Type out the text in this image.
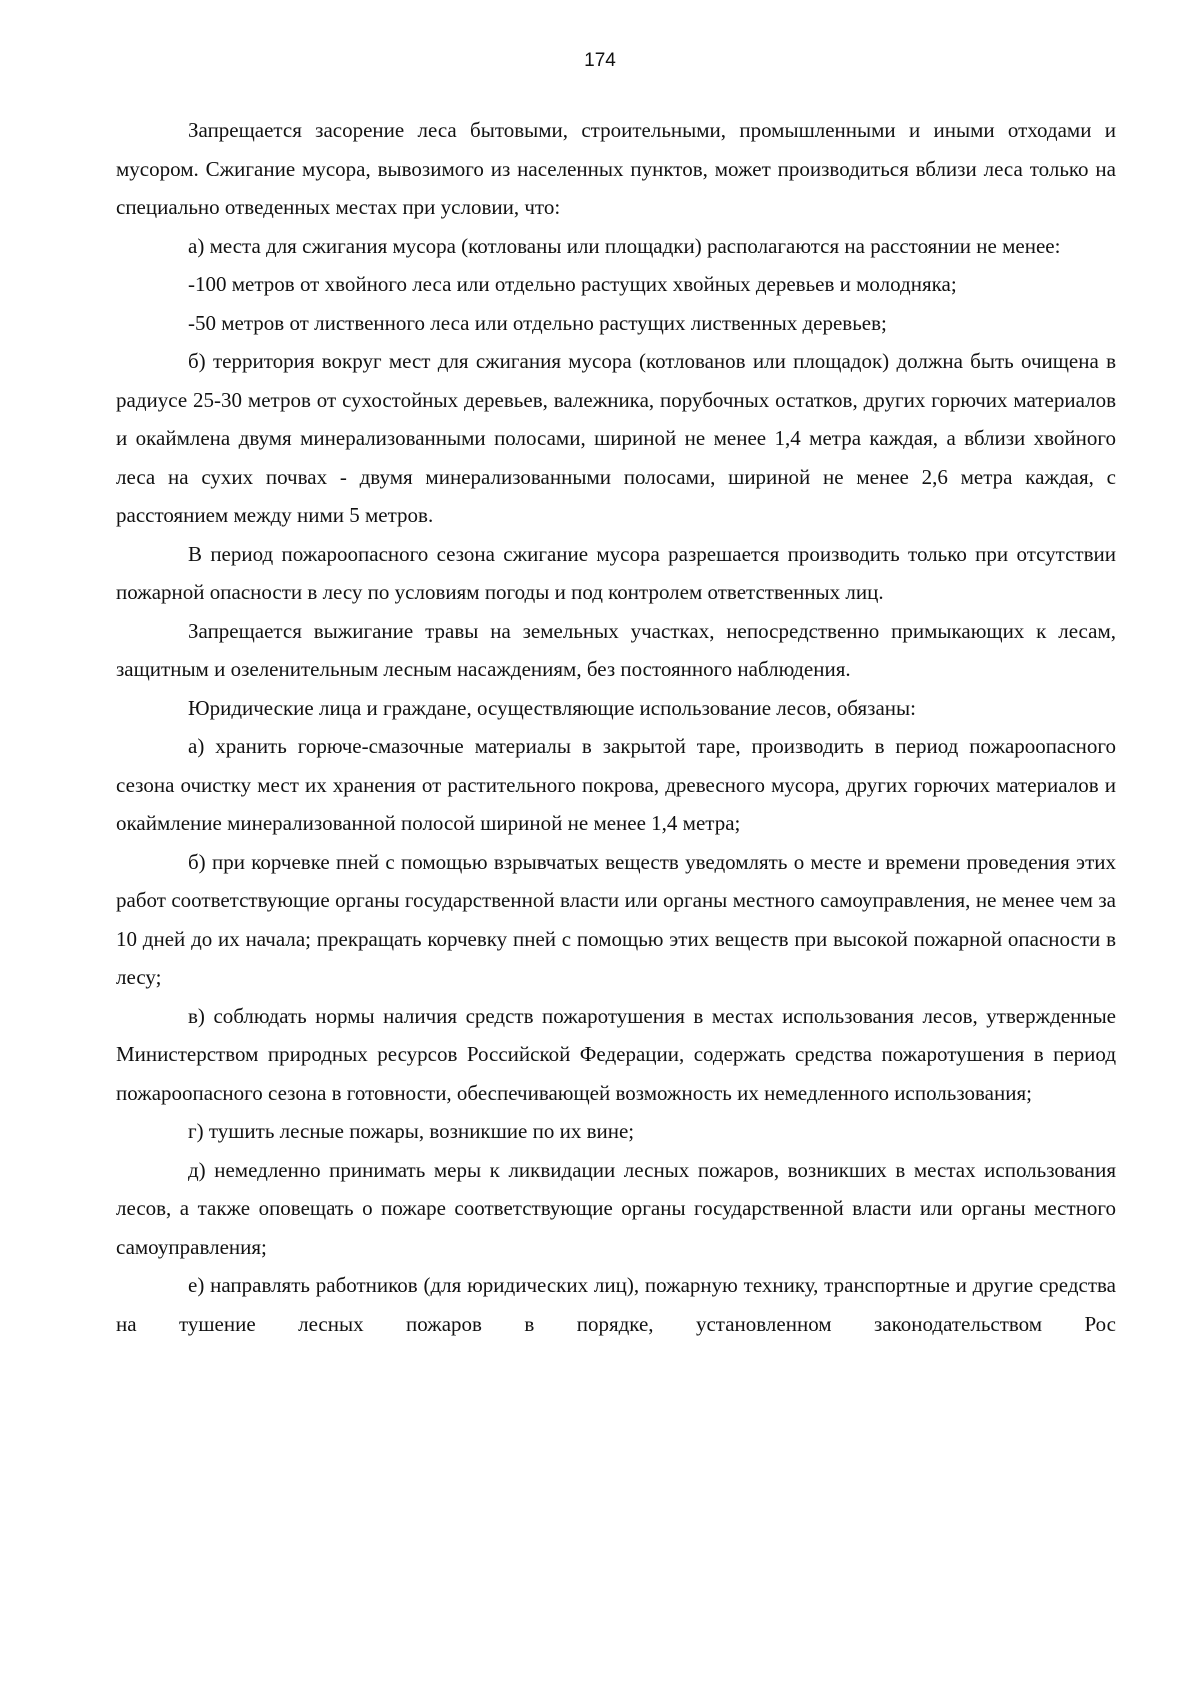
174

Запрещается засорение леса бытовыми, строительными, промышленными и иными отходами и мусором. Сжигание мусора, вывозимого из населенных пунктов, может производиться вблизи леса только на специально отведенных местах при условии, что:

а) места для сжигания мусора (котлованы или площадки) располагаются на расстоянии не менее:

-100 метров от хвойного леса или отдельно растущих хвойных деревьев и молодняка;

-50 метров от лиственного леса или отдельно растущих лиственных деревьев;

б) территория вокруг мест для сжигания мусора (котлованов или площадок) должна быть очищена в радиусе 25-30 метров от сухостойных деревьев, валежника, порубочных остатков, других горючих материалов и окаймлена двумя минерализованными полосами, шириной не менее 1,4 метра каждая, а вблизи хвойного леса на сухих почвах - двумя минерализованными полосами, шириной не менее 2,6 метра каждая, с расстоянием между ними 5 метров.

В период пожароопасного сезона сжигание мусора разрешается производить только при отсутствии пожарной опасности в лесу по условиям погоды и под контролем ответственных лиц.

Запрещается выжигание травы на земельных участках, непосредственно примыкающих к лесам, защитным и озеленительным лесным насаждениям, без постоянного наблюдения.

Юридические лица и граждане, осуществляющие использование лесов, обязаны:

а) хранить горюче-смазочные материалы в закрытой таре, производить в период пожароопасного сезона очистку мест их хранения от растительного покрова, древесного мусора, других горючих материалов и окаймление минерализованной полосой шириной не менее 1,4 метра;

б) при корчевке пней с помощью взрывчатых веществ уведомлять о месте и времени проведения этих работ соответствующие органы государственной власти или органы местного самоуправления, не менее чем за 10 дней до их начала; прекращать корчевку пней с помощью этих веществ при высокой пожарной опасности в лесу;

в) соблюдать нормы наличия средств пожаротушения в местах использования лесов, утвержденные Министерством природных ресурсов Российской Федерации, содержать средства пожаротушения в период пожароопасного сезона в готовности, обеспечивающей возможность их немедленного использования;

г) тушить лесные пожары, возникшие по их вине;

д) немедленно принимать меры к ликвидации лесных пожаров, возникших в местах использования лесов, а также оповещать о пожаре соответствующие органы государственной власти или органы местного самоуправления;

е) направлять работников (для юридических лиц), пожарную технику, транспортные и другие средства на тушение лесных пожаров в порядке, установленном законодательством Рос
